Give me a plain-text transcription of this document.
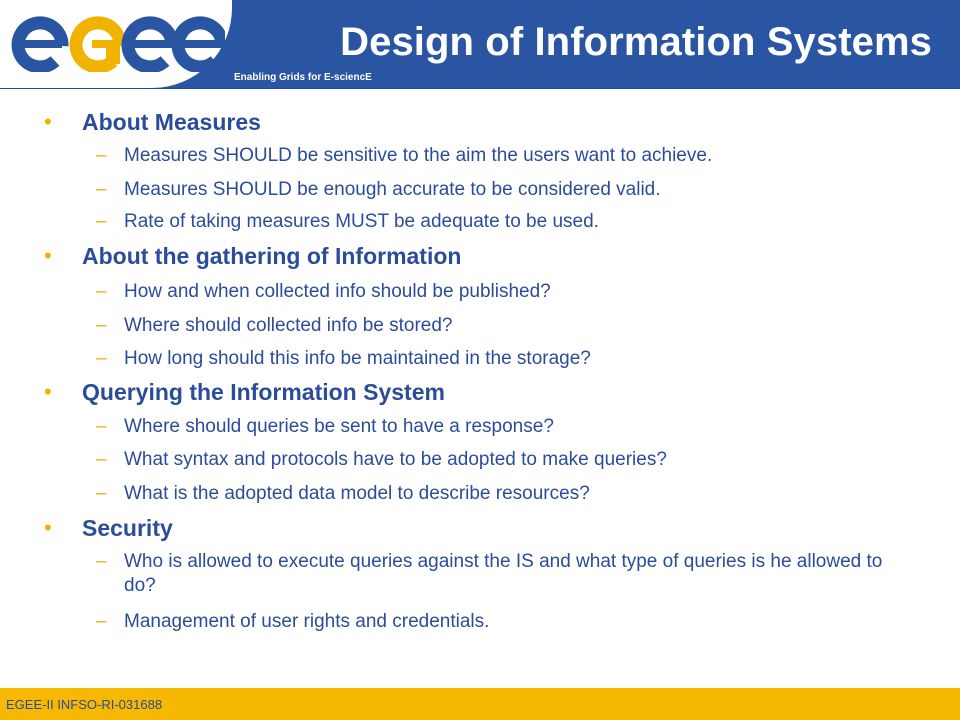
Enabling Grids for E-sciencE
Design of Information Systems
• About Measures
– Measures SHOULD be sensitive to the aim the users want to achieve.
– Measures SHOULD be enough accurate to be considered valid.
– Rate of taking measures MUST be adequate to be used.
• About the gathering of Information
– How and when collected info should be published?
– Where should collected info be stored?
– How long should this info be maintained in the storage?
• Querying the Information System
– Where should queries be sent to have a response?
– What syntax and protocols have to be adopted to make queries?
– What is the adopted data model to describe resources?
• Security
– Who is allowed to execute queries against the IS and what type of queries is he allowed to do?
– Management of user rights and credentials.
EGEE-II INFSO-RI-031688
